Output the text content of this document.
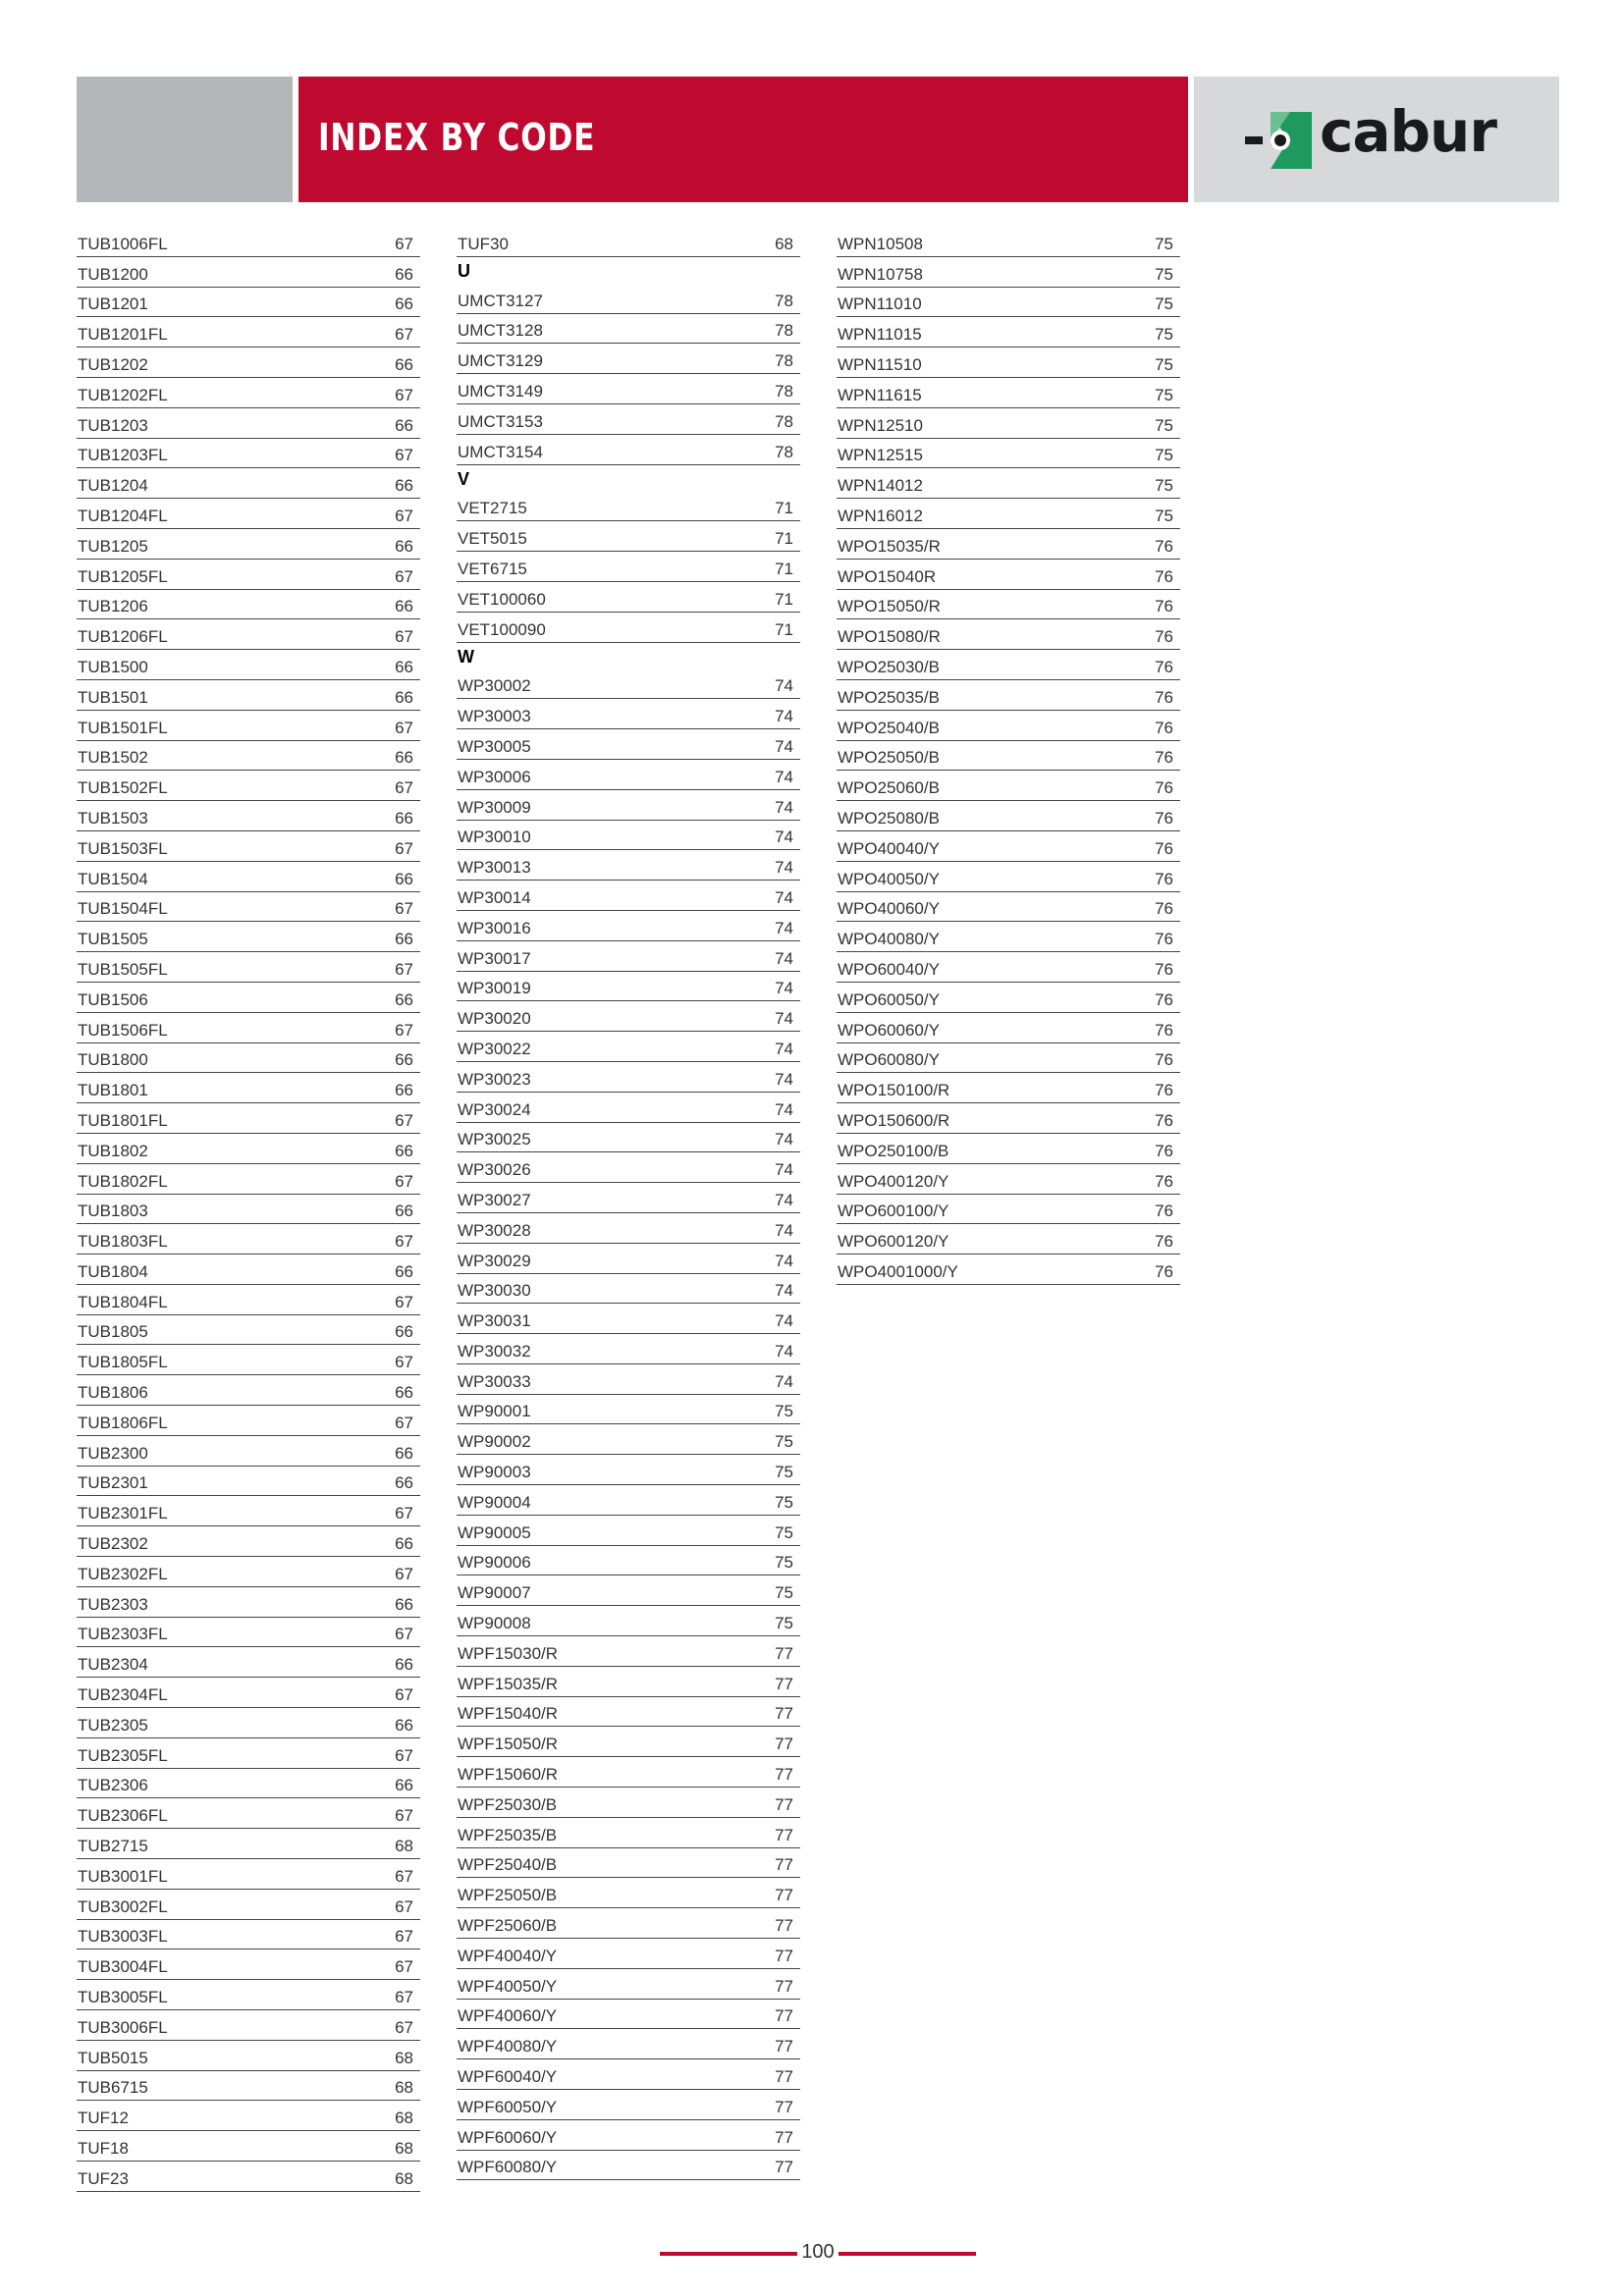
INDEX BY CODE	cabur
TUB1006FL	67
TUB1200	66
TUB1201	66
TUB1201FL	67
TUB1202	66
TUB1202FL	67
TUB1203	66
TUB1203FL	67
TUB1204	66
TUB1204FL	67
TUB1205	66
TUB1205FL	67
TUB1206	66
TUB1206FL	67
TUB1500	66
TUB1501	66
TUB1501FL	67
TUB1502	66
TUB1502FL	67
TUB1503	66
TUB1503FL	67
TUB1504	66
TUB1504FL	67
TUB1505	66
TUB1505FL	67
TUB1506	66
TUB1506FL	67
TUB1800	66
TUB1801	66
TUB1801FL	67
TUB1802	66
TUB1802FL	67
TUB1803	66
TUB1803FL	67
TUB1804	66
TUB1804FL	67
TUB1805	66
TUB1805FL	67
TUB1806	66
TUB1806FL	67
TUB2300	66
TUB2301	66
TUB2301FL	67
TUB2302	66
TUB2302FL	67
TUB2303	66
TUB2303FL	67
TUB2304	66
TUB2304FL	67
TUB2305	66
TUB2305FL	67
TUB2306	66
TUB2306FL	67
TUB2715	68
TUB3001FL	67
TUB3002FL	67
TUB3003FL	67
TUB3004FL	67
TUB3005FL	67
TUB3006FL	67
TUB5015	68
TUB6715	68
TUF12	68
TUF18	68
TUF23	68
TUF30	68
U
UMCT3127	78
UMCT3128	78
UMCT3129	78
UMCT3149	78
UMCT3153	78
UMCT3154	78
V
VET2715	71
VET5015	71
VET6715	71
VET100060	71
VET100090	71
W
WP30002	74
WP30003	74
WP30005	74
WP30006	74
WP30009	74
WP30010	74
WP30013	74
WP30014	74
WP30016	74
WP30017	74
WP30019	74
WP30020	74
WP30022	74
WP30023	74
WP30024	74
WP30025	74
WP30026	74
WP30027	74
WP30028	74
WP30029	74
WP30030	74
WP30031	74
WP30032	74
WP30033	74
WP90001	75
WP90002	75
WP90003	75
WP90004	75
WP90005	75
WP90006	75
WP90007	75
WP90008	75
WPF15030/R	77
WPF15035/R	77
WPF15040/R	77
WPF15050/R	77
WPF15060/R	77
WPF25030/B	77
WPF25035/B	77
WPF25040/B	77
WPF25050/B	77
WPF25060/B	77
WPF40040/Y	77
WPF40050/Y	77
WPF40060/Y	77
WPF40080/Y	77
WPF60040/Y	77
WPF60050/Y	77
WPF60060/Y	77
WPF60080/Y	77
WPN10508	75
WPN10758	75
WPN11010	75
WPN11015	75
WPN11510	75
WPN11615	75
WPN12510	75
WPN12515	75
WPN14012	75
WPN16012	75
WPO15035/R	76
WPO15040R	76
WPO15050/R	76
WPO15080/R	76
WPO25030/B	76
WPO25035/B	76
WPO25040/B	76
WPO25050/B	76
WPO25060/B	76
WPO25080/B	76
WPO40040/Y	76
WPO40050/Y	76
WPO40060/Y	76
WPO40080/Y	76
WPO60040/Y	76
WPO60050/Y	76
WPO60060/Y	76
WPO60080/Y	76
WPO150100/R	76
WPO150600/R	76
WPO250100/B	76
WPO400120/Y	76
WPO600100/Y	76
WPO600120/Y	76
WPO4001000/Y	76
100
